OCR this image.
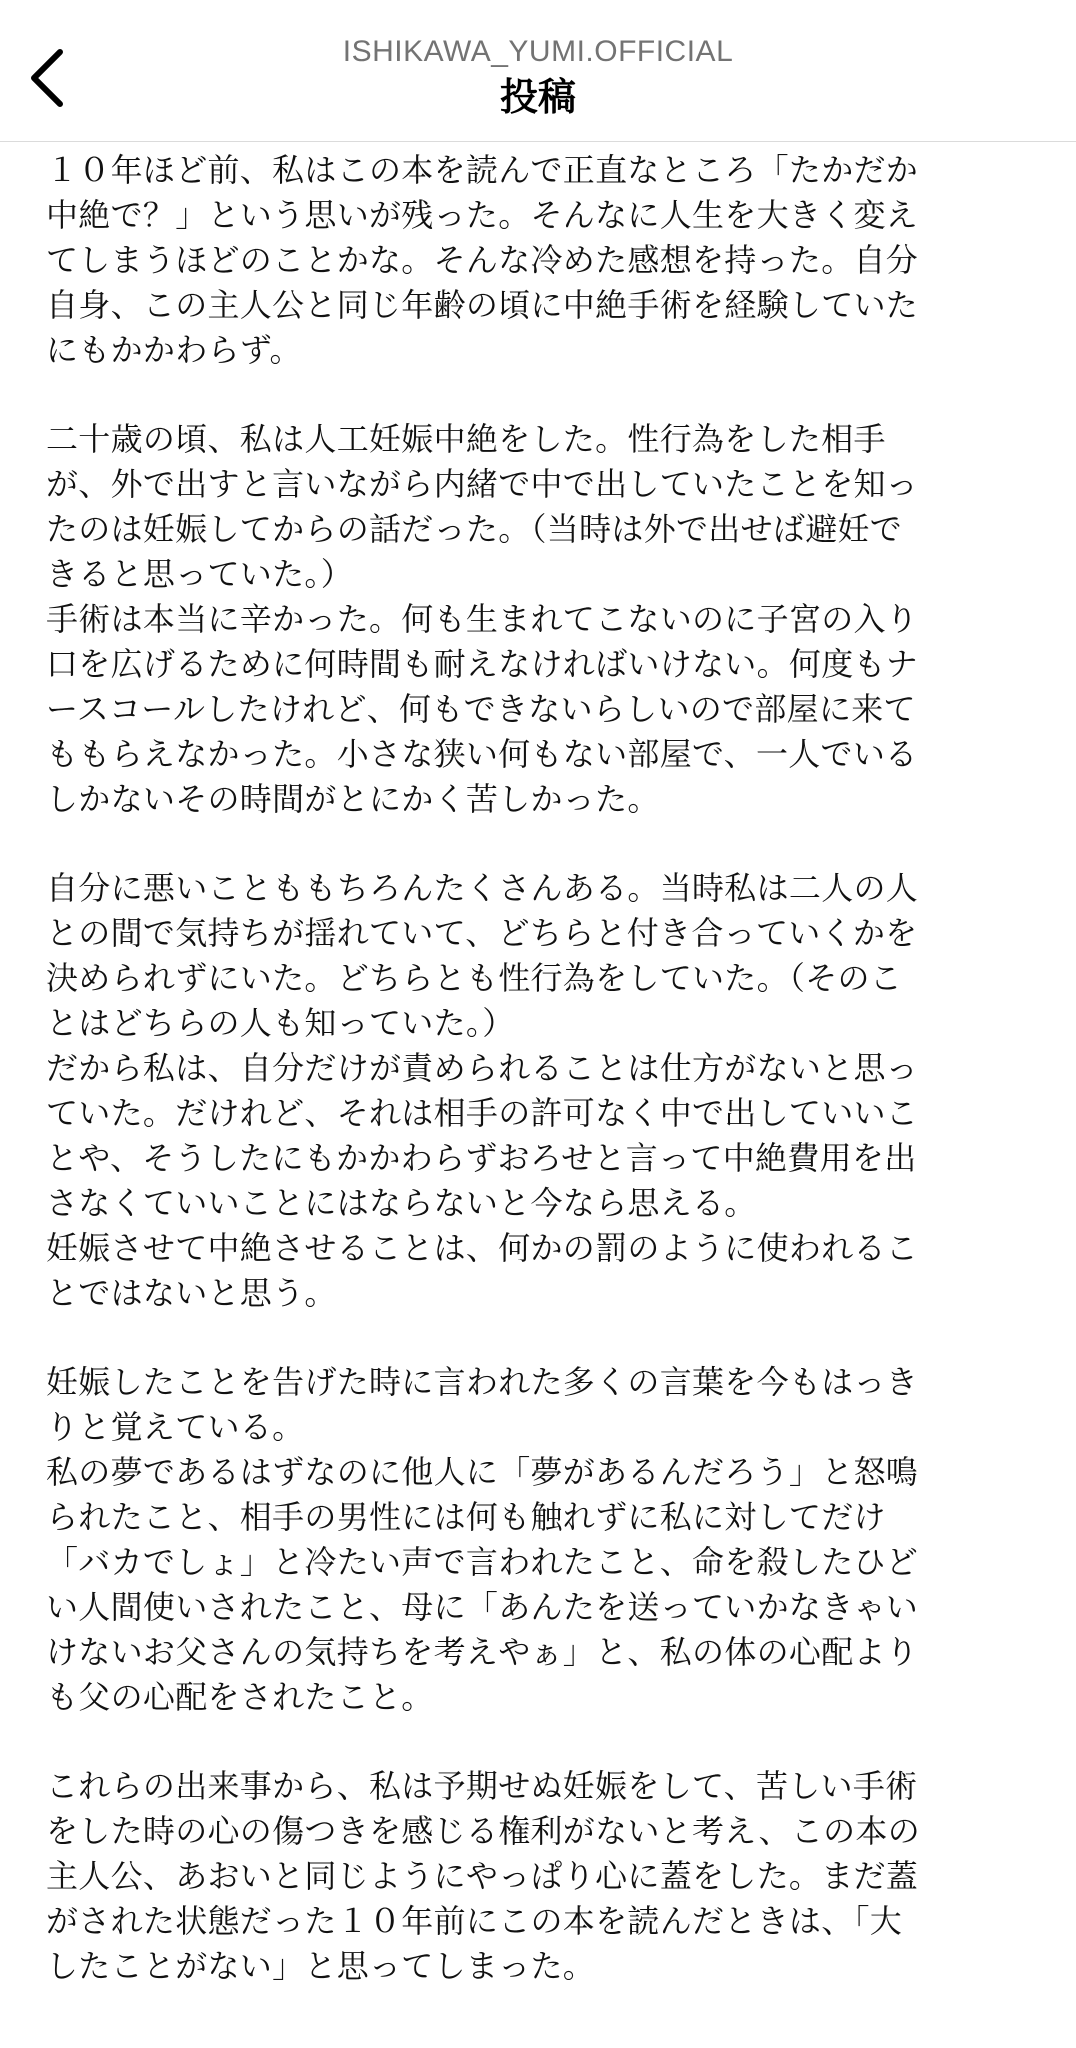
ISHIKAWA_YUMI.OFFICIAL
投稿

１０年ほど前、私はこの本を読んで正直なところ「たかだか
中絶で？」という思いが残った。そんなに人生を大きく変え
てしまうほどのことかな。そんな冷めた感想を持った。自分
自身、この主人公と同じ年齢の頃に中絶手術を経験していた
にもかかわらず。

二十歳の頃、私は人工妊娠中絶をした。性行為をした相手
が、外で出すと言いながら内緒で中で出していたことを知っ
たのは妊娠してからの話だった。（当時は外で出せば避妊で
きると思っていた。）

手術は本当に辛かった。何も生まれてこないのに子宮の入り
口を広げるために何時間も耐えなければいけない。何度もナ
ースコールしたけれど、何もできないらしいので部屋に来て
ももらえなかった。小さな狭い何もない部屋で、一人でいる
しかないその時間がとにかく苦しかった。

自分に悪いことももちろんたくさんある。当時私は二人の人
との間で気持ちが揺れていて、どちらと付き合っていくかを
決められずにいた。どちらとも性行為をしていた。（そのこ
とはどちらの人も知っていた。）

だから私は、自分だけが責められることは仕方がないと思っ
ていた。だけれど、それは相手の許可なく中で出していいこ
とや、そうしたにもかかわらずおろせと言って中絶費用を出
さなくていいことにはならないと今なら思える。

妊娠させて中絶させることは、何かの罰のように使われるこ
とではないと思う。

妊娠したことを告げた時に言われた多くの言葉を今もはっき
りと覚えている。

私の夢であるはずなのに他人に「夢があるんだろう」と怒鳴
られたこと、相手の男性には何も触れずに私に対してだけ
「バカでしょ」と冷たい声で言われたこと、命を殺したひど
い人間使いされたこと、母に「あんたを送っていかなきゃい
けないお父さんの気持ちを考えやぁ」と、私の体の心配より
も父の心配をされたこと。

これらの出来事から、私は予期せぬ妊娠をして、苦しい手術
をした時の心の傷つきを感じる権利がないと考え、この本の
主人公、あおいと同じようにやっぱり心に蓋をした。まだ蓋
がされた状態だった１０年前にこの本を読んだときは、「大
したことがない」と思ってしまった。
